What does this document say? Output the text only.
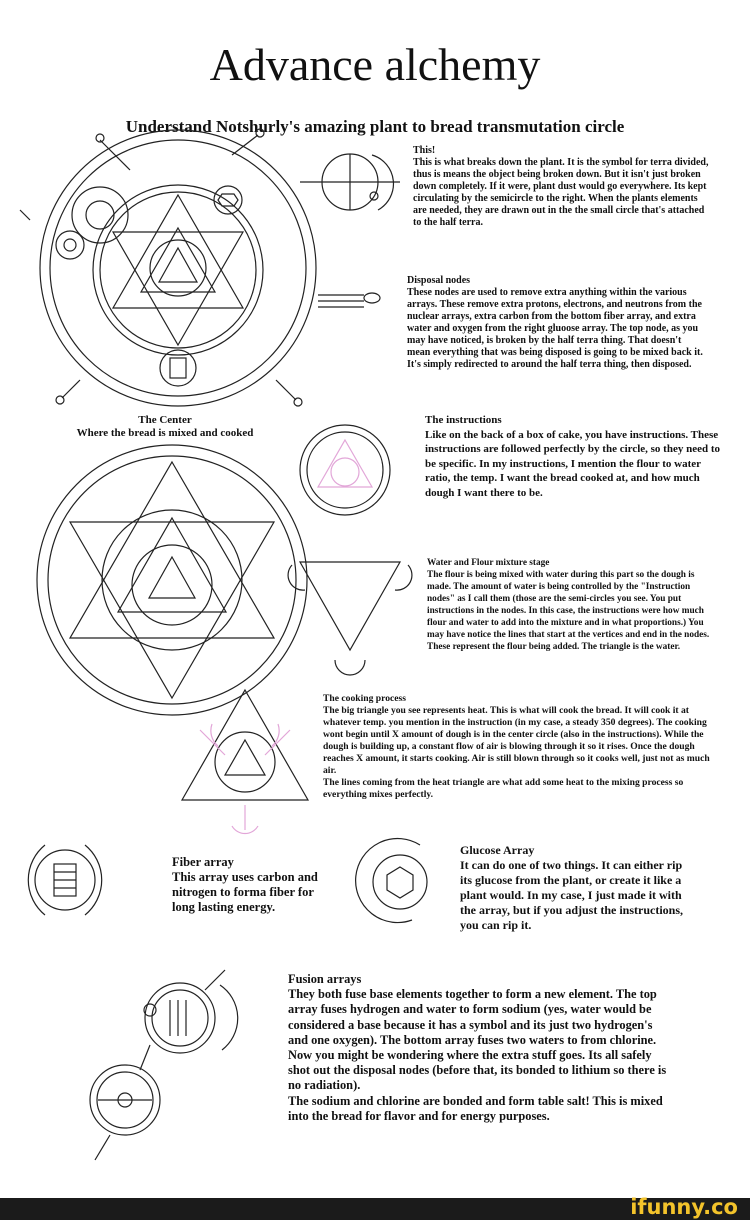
Advance alchemy
Understand Notshurly's amazing plant to bread transmutation circle

This!

This is what breaks down the plant. It is the symbol for terra divided, thus is means the object being broken down. But it isn't just broken down completely. If it were, plant dust would go everywhere. Its kept circulating by the semicircle to the right. When the plants elements are needed, they are drawn out in the the small circle that's attached to the half terra.

Disposal nodes

These nodes are used to remove extra anything within the various arrays. These remove extra protons, electrons, and neutrons from the nuclear arrays, extra carbon from the bottom fiber array, and extra water and oxygen from the right gluoose array. The top node, as you may have noticed, is broken by the half terra thing. That doesn't mean everything that was being disposed is going to be mixed back it. It's simply redirected to around the half terra thing, then disposed.

The Center

Where the bread is mixed and cooked

The instructions

Like on the back of a box of cake, you have instructions. These instructions are followed perfectly by the circle, so they need to be specific. In my instructions, I mention the flour to water ratio, the temp. I want the bread cooked at, and how much dough I want there to be.

Water and Flour mixture stage

The flour is being mixed with water during this part so the dough is made. The amount of water is being controlled by the "Instruction nodes" as I call them (those are the semi-circles you see. You put instructions in the nodes. In this case, the instructions were how much flour and water to add into the mixture and in what proportions.) You may have notice the lines that start at the vertices and end in the nodes. These represent the flour being added. The triangle is the water.

The cooking process

The big triangle you see represents heat. This is what will cook the bread. It will cook it at whatever temp. you mention in the instruction (in my case, a steady 350 degrees). The cooking wont begin until X amount of dough is in the center circle (also in the instructions). While the dough is building up, a constant flow of air is blowing through it so it rises. Once the dough reaches X amount, it starts cooking. Air is still blown through so it cooks well, just not as much air.

The lines coming from the heat triangle are what add some heat to the mixing process so everything mixes perfectly.

Fiber array

This array uses carbon and nitrogen to forma fiber for long lasting energy.

Glucose Array

It can do one of two things. It can either rip its glucose from the plant, or create it like a plant would. In my case, I just made it with the array, but if you adjust the instructions, you can rip it.

Fusion arrays

They both fuse base elements together to form a new element. The top array fuses hydrogen and water to form sodium (yes, water would be considered a base because it has a symbol and its just two hydrogen's and one oxygen). The bottom array fuses two waters to from chlorine. Now you might be wondering where the extra stuff goes. Its all safely shot out the disposal nodes (before that, its bonded to lithium so there is no radiation).

The sodium and chlorine are bonded and form table salt! This is mixed into the bread for flavor and for energy purposes.

ifunny.co
